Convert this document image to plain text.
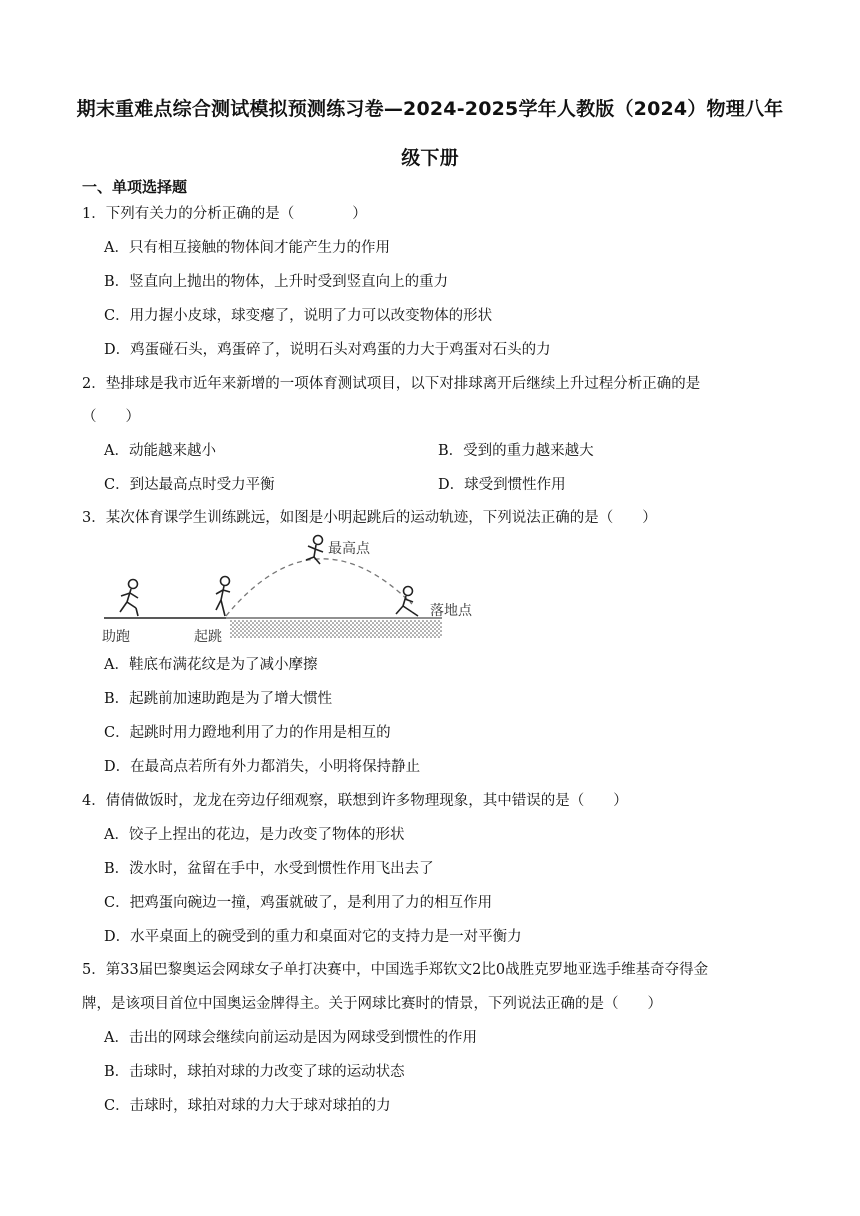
期末重难点综合测试模拟预测练习卷—2024-2025学年人教版（2024）物理八年
级下册
一、单项选择题
1．下列有关力的分析正确的是（　　　　）
A．只有相互接触的物体间才能产生力的作用
B．竖直向上抛出的物体，上升时受到竖直向上的重力
C．用力握小皮球，球变瘪了，说明了力可以改变物体的形状
D．鸡蛋碰石头，鸡蛋碎了，说明石头对鸡蛋的力大于鸡蛋对石头的力
2．垫排球是我市近年来新增的一项体育测试项目，以下对排球离开后继续上升过程分析正确的是
（　　）
A．动能越来越小	B．受到的重力越来越大
C．到达最高点时受力平衡	D．球受到惯性作用
3．某次体育课学生训练跳远，如图是小明起跳后的运动轨迹，下列说法正确的是（　　）
最高点
落地点
助跑	起跳
A．鞋底布满花纹是为了减小摩擦
B．起跳前加速助跑是为了增大惯性
C．起跳时用力蹬地利用了力的作用是相互的
D．在最高点若所有外力都消失，小明将保持静止
4．倩倩做饭时，龙龙在旁边仔细观察，联想到许多物理现象，其中错误的是（　　）
A．饺子上捏出的花边，是力改变了物体的形状
B．泼水时，盆留在手中，水受到惯性作用飞出去了
C．把鸡蛋向碗边一撞，鸡蛋就破了，是利用了力的相互作用
D．水平桌面上的碗受到的重力和桌面对它的支持力是一对平衡力
5．第33届巴黎奥运会网球女子单打决赛中，中国选手郑钦文2比0战胜克罗地亚选手维基奇夺得金
牌，是该项目首位中国奥运金牌得主。关于网球比赛时的情景，下列说法正确的是（　　）
A．击出的网球会继续向前运动是因为网球受到惯性的作用
B．击球时，球拍对球的力改变了球的运动状态
C．击球时，球拍对球的力大于球对球拍的力
